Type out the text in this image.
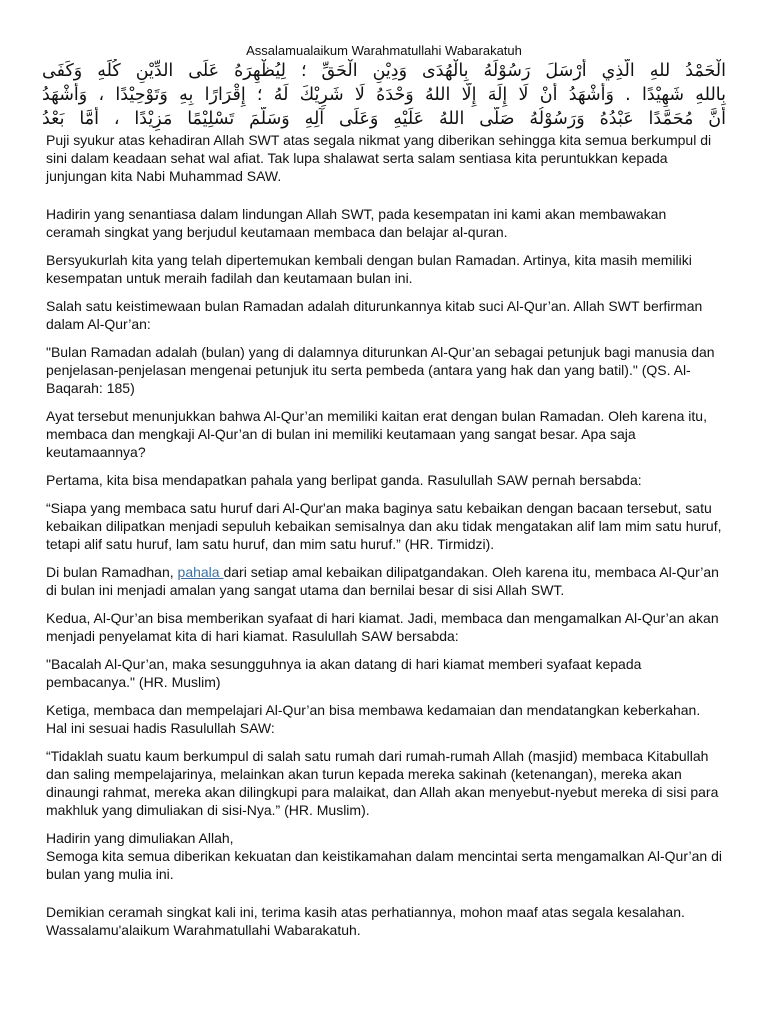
Assalamualaikum Warahmatullahi Wabarakatuh

الْحَمْدُ للهِ الَّذِي أَرْسَلَ رَسُوْلَهُ بِالْهُدَى وَدِيْنِ الْحَقِّ ؛ لِيُظْهِرَهُ عَلَى الدِّيْنِ كُلِّهِ وَكَفَى

بِاللهِ شَهِيْدًا . وَأَشْهَدُ أَنْ لَا إِلَهَ إِلَّا اللهُ وَحْدَهُ لَا شَرِيْكَ لَهُ ؛ إِقْرَارًا بِهِ وَتَوْحِيْدًا ، وَأَشْهَدُ

أَنَّ مُحَمَّدًا عَبْدُهُ وَرَسُوْلُهُ صَلَّى اللهُ عَلَيْهِ وَعَلَى آلِهِ وَسَلَّمَ تَسْلِيْمًا مَزِيْدًا ، أَمَّا بَعْدُ

Puji syukur atas kehadiran Allah SWT atas segala nikmat yang diberikan sehingga kita semua berkumpul di sini dalam keadaan sehat wal afiat. Tak lupa shalawat serta salam sentiasa kita peruntukkan kepada junjungan kita Nabi Muhammad SAW.

Hadirin yang senantiasa dalam lindungan Allah SWT, pada kesempatan ini kami akan membawakan ceramah singkat yang berjudul keutamaan membaca dan belajar al-quran.

Bersyukurlah kita yang telah dipertemukan kembali dengan bulan Ramadan. Artinya, kita masih memiliki kesempatan untuk meraih fadilah dan keutamaan bulan ini.

Salah satu keistimewaan bulan Ramadan adalah diturunkannya kitab suci Al-Qur’an. Allah SWT berfirman dalam Al-Qur’an:

"Bulan Ramadan adalah (bulan) yang di dalamnya diturunkan Al-Qur’an sebagai petunjuk bagi manusia dan penjelasan-penjelasan mengenai petunjuk itu serta pembeda (antara yang hak dan yang batil)." (QS. Al-Baqarah: 185)

Ayat tersebut menunjukkan bahwa Al-Qur’an memiliki kaitan erat dengan bulan Ramadan. Oleh karena itu, membaca dan mengkaji Al-Qur’an di bulan ini memiliki keutamaan yang sangat besar. Apa saja keutamaannya?

Pertama, kita bisa mendapatkan pahala yang berlipat ganda. Rasulullah SAW pernah bersabda:

“Siapa yang membaca satu huruf dari Al-Qur'an maka baginya satu kebaikan dengan bacaan tersebut, satu kebaikan dilipatkan menjadi sepuluh kebaikan semisalnya dan aku tidak mengatakan alif lam mim satu huruf, tetapi alif satu huruf, lam satu huruf, dan mim satu huruf.” (HR. Tirmidzi).

Di bulan Ramadhan, pahala dari setiap amal kebaikan dilipatgandakan. Oleh karena itu, membaca Al-Qur’an di bulan ini menjadi amalan yang sangat utama dan bernilai besar di sisi Allah SWT.

Kedua, Al-Qur’an bisa memberikan syafaat di hari kiamat. Jadi, membaca dan mengamalkan Al-Qur’an akan menjadi penyelamat kita di hari kiamat. Rasulullah SAW bersabda:

"Bacalah Al-Qur’an, maka sesungguhnya ia akan datang di hari kiamat memberi syafaat kepada pembacanya." (HR. Muslim)

Ketiga, membaca dan mempelajari Al-Qur’an bisa membawa kedamaian dan mendatangkan keberkahan. Hal ini sesuai hadis Rasulullah SAW:

“Tidaklah suatu kaum berkumpul di salah satu rumah dari rumah-rumah Allah (masjid) membaca Kitabullah dan saling mempelajarinya, melainkan akan turun kepada mereka sakinah (ketenangan), mereka akan dinaungi rahmat, mereka akan dilingkupi para malaikat, dan Allah akan menyebut-nyebut mereka di sisi para makhluk yang dimuliakan di sisi-Nya.” (HR. Muslim).

Hadirin yang dimuliakan Allah,
Semoga kita semua diberikan kekuatan dan keistikamahan dalam mencintai serta mengamalkan Al-Qur’an di bulan yang mulia ini.

Demikian ceramah singkat kali ini, terima kasih atas perhatiannya, mohon maaf atas segala kesalahan.
Wassalamu'alaikum Warahmatullahi Wabarakatuh.
